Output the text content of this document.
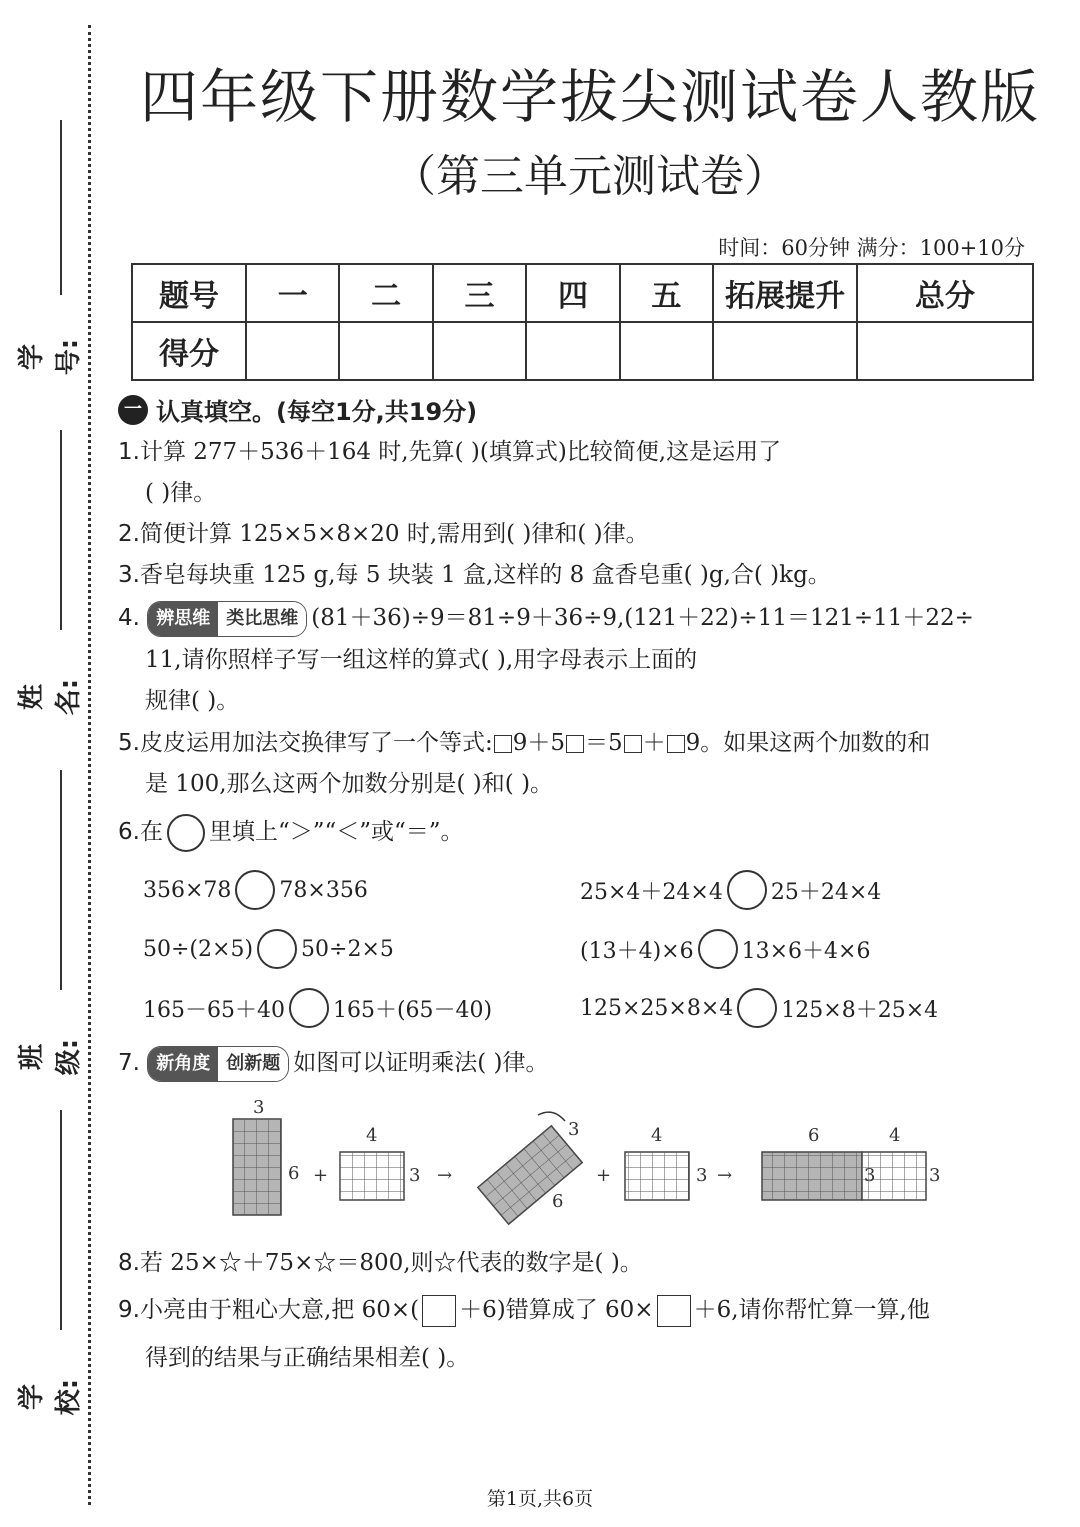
学号:
姓名:
班级:
学校:
四年级下册数学拔尖测试卷人教版
（第三单元测试卷）
时间：60分钟 满分：100+10分
题号	一	二	三	四	五	拓展提升	总分
得分							
一 认真填空。(每空1分,共19分)
1.计算 277＋536＋164 时,先算( )(填算式)比较简便,这是运用了
( )律。
2.简便计算 125×5×8×20 时,需用到( )律和( )律。
3.香皂每块重 125 g,每 5 块装 1 盒,这样的 8 盒香皂重( )g,合( )kg。
4. 辨思维 类比思维 (81＋36)÷9＝81÷9＋36÷9,(121＋22)÷11＝121÷11＋22÷
11,请你照样子写一组这样的算式( ),用字母表示上面的
规律( )。
5.皮皮运用加法交换律写了一个等式: 9＋5 ＝5 ＋ 9。如果这两个加数的和
是 100,那么这两个加数分别是( )和( )。
6.在 里填上“＞”“＜”或“＝”。
356×78 78×356	25×4＋24×4 25＋24×4
50÷(2×5) 50÷2×5	(13＋4)×6 13×6＋4×6
165－65＋40 165＋(65－40)	125×25×8×4 125×8＋25×4
7. 新角度 创新题 如图可以证明乘法( )律。
3
6 +
4
3 →
3
6
+
4
3 →
6	4
3	3
8.若 25×☆＋75×☆＝800,则☆代表的数字是( )。
9.小亮由于粗心大意,把 60×( ＋6)错算成了 60× ＋6,请你帮忙算一算,他
得到的结果与正确结果相差( )。
第1页,共6页
